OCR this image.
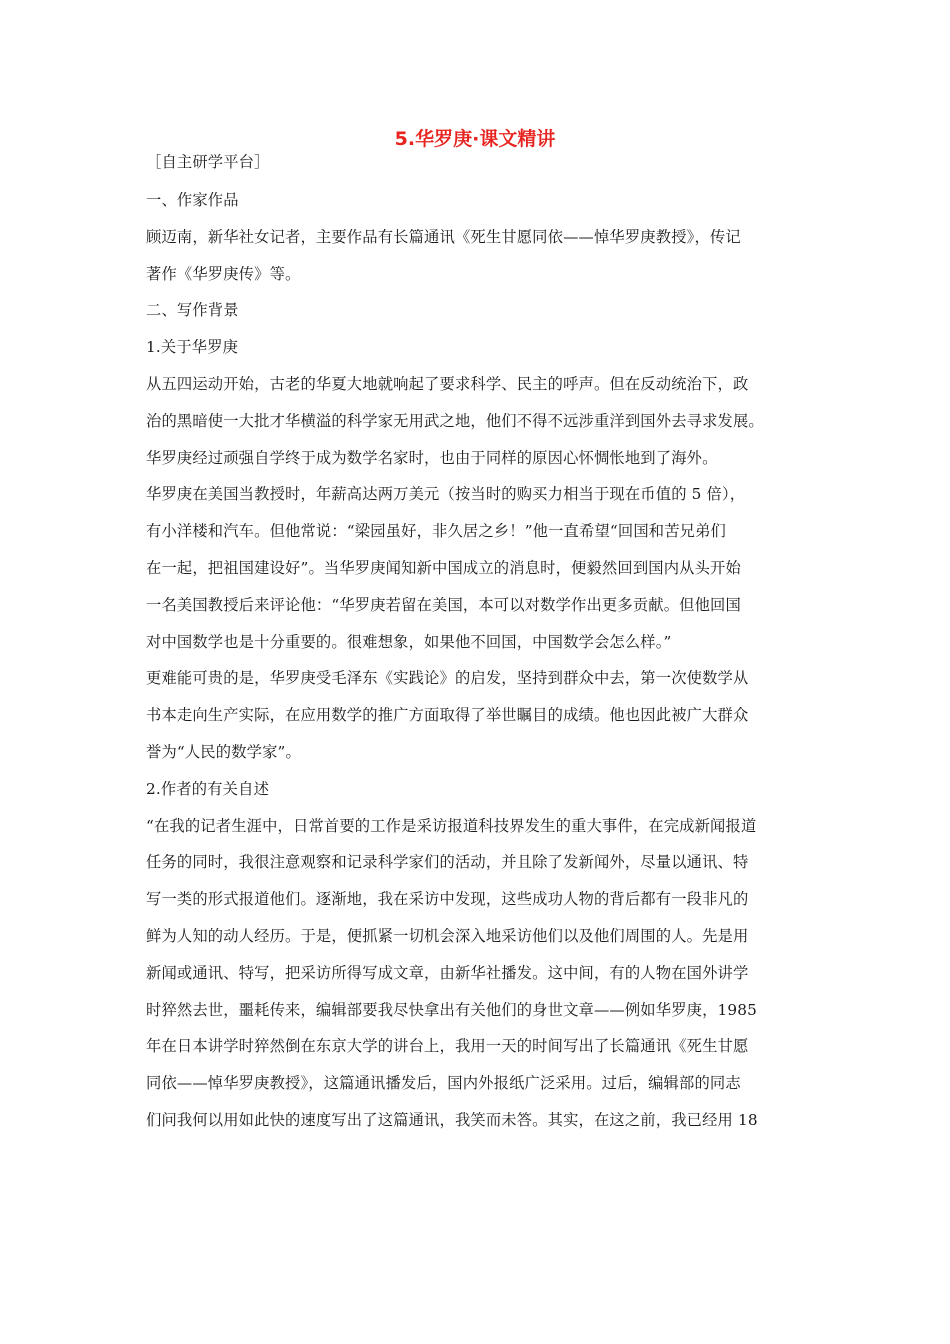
5.华罗庚·课文精讲

［自主研学平台］

一、作家作品

顾迈南，新华社女记者，主要作品有长篇通讯《死生甘愿同依——悼华罗庚教授》，传记

著作《华罗庚传》等。

二、写作背景

1.关于华罗庚

从五四运动开始，古老的华夏大地就响起了要求科学、民主的呼声。但在反动统治下，政

治的黑暗使一大批才华横溢的科学家无用武之地，他们不得不远涉重洋到国外去寻求发展。

华罗庚经过顽强自学终于成为数学名家时，也由于同样的原因心怀惆怅地到了海外。

华罗庚在美国当教授时，年薪高达两万美元（按当时的购买力相当于现在币值的 5 倍），

有小洋楼和汽车。但他常说：“梁园虽好，非久居之乡！”他一直希望“回国和苦兄弟们

在一起，把祖国建设好”。当华罗庚闻知新中国成立的消息时，便毅然回到国内从头开始

一名美国教授后来评论他：“华罗庚若留在美国，本可以对数学作出更多贡献。但他回国

对中国数学也是十分重要的。很难想象，如果他不回国，中国数学会怎么样。”

更难能可贵的是，华罗庚受毛泽东《实践论》的启发，坚持到群众中去，第一次使数学从

书本走向生产实际，在应用数学的推广方面取得了举世瞩目的成绩。他也因此被广大群众

誉为“人民的数学家”。

2.作者的有关自述

“在我的记者生涯中，日常首要的工作是采访报道科技界发生的重大事件，在完成新闻报道

任务的同时，我很注意观察和记录科学家们的活动，并且除了发新闻外，尽量以通讯、特

写一类的形式报道他们。逐渐地，我在采访中发现，这些成功人物的背后都有一段非凡的

鲜为人知的动人经历。于是，便抓紧一切机会深入地采访他们以及他们周围的人。先是用

新闻或通讯、特写，把采访所得写成文章，由新华社播发。这中间，有的人物在国外讲学

时猝然去世，噩耗传来，编辑部要我尽快拿出有关他们的身世文章——例如华罗庚，1985

年在日本讲学时猝然倒在东京大学的讲台上，我用一天的时间写出了长篇通讯《死生甘愿

同依——悼华罗庚教授》，这篇通讯播发后，国内外报纸广泛采用。过后，编辑部的同志

们问我何以用如此快的速度写出了这篇通讯，我笑而未答。其实，在这之前，我已经用 18
